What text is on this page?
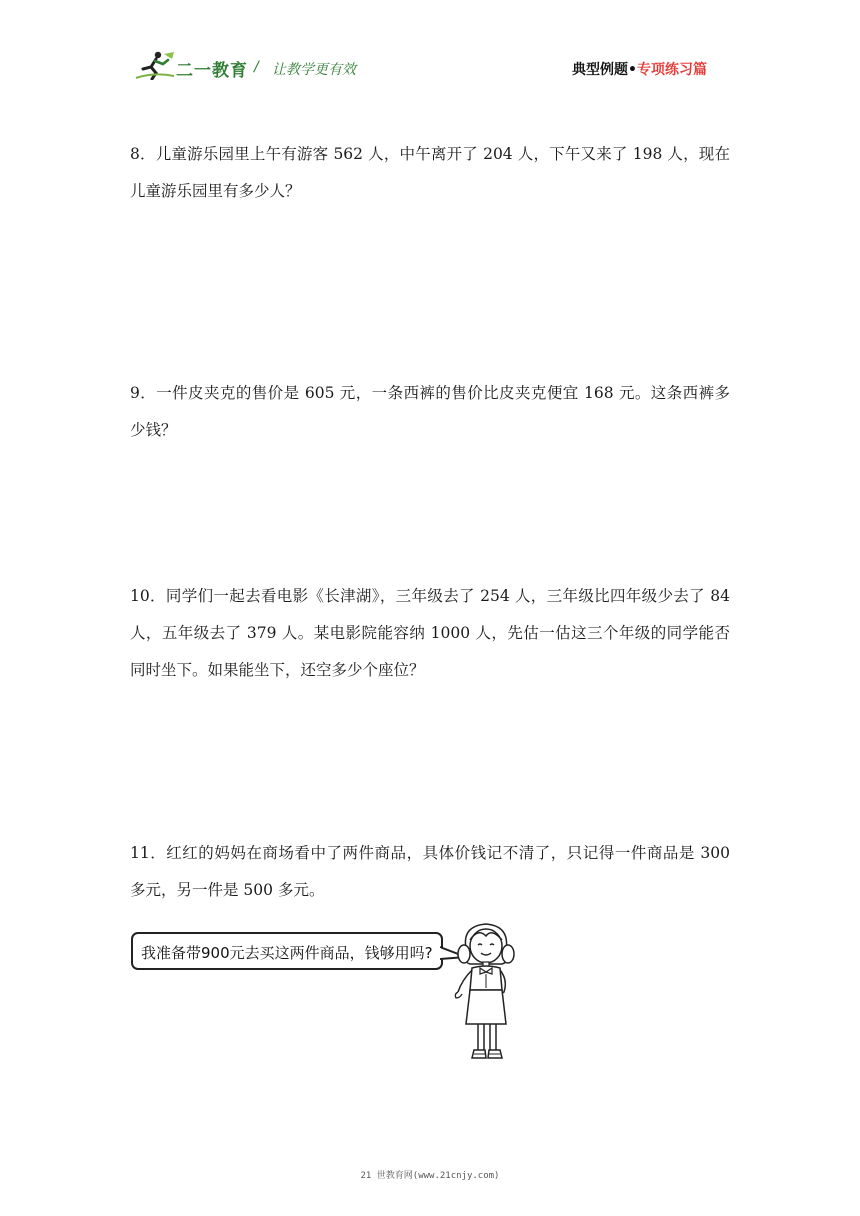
二一教育 / 让教学更有效	典型例题•专项练习篇
8．儿童游乐园里上午有游客 562 人，中午离开了 204 人，下午又来了 198 人，现在儿童游乐园里有多少人？
9．一件皮夹克的售价是 605 元，一条西裤的售价比皮夹克便宜 168 元。这条西裤多少钱？
10．同学们一起去看电影《长津湖》，三年级去了 254 人，三年级比四年级少去了 84 人，五年级去了 379 人。某电影院能容纳 1000 人，先估一估这三个年级的同学能否同时坐下。如果能坐下，还空多少个座位？
11．红红的妈妈在商场看中了两件商品，具体价钱记不清了，只记得一件商品是 300 多元，另一件是 500 多元。
我准备带900元去买这两件商品，钱够用吗?
21 世教育网(www.21cnjy.com)
